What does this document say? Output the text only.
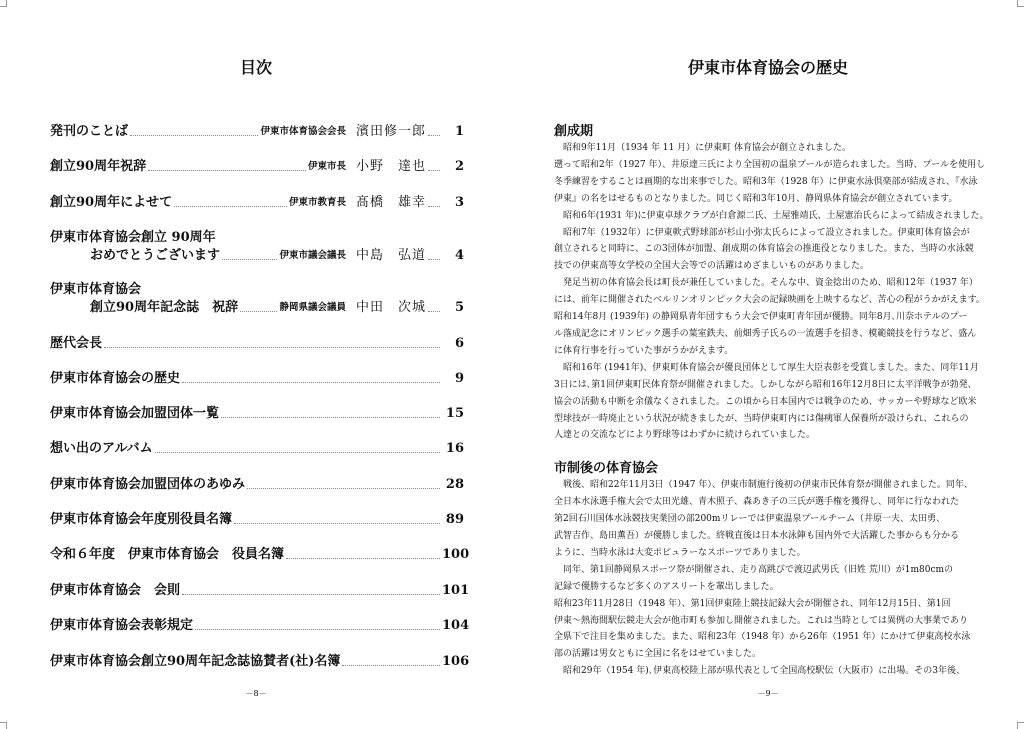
目次
発刊のことば	伊東市体育協会会長 濱田修一郎	1
創立90周年祝辞	伊東市長 小野　達也	2
創立90周年によせて	伊東市教育長 髙橋　雄幸	3
伊東市体育協会創立 90周年
おめでとうございます	伊東市議会議長 中島　弘道	4
伊東市体育協会
創立90周年記念誌　祝辞	静岡県議会議員 中田　次城	5
歴代会長	6
伊東市体育協会の歴史	9
伊東市体育協会加盟団体一覧	15
想い出のアルバム	16
伊東市体育協会加盟団体のあゆみ	28
伊東市体育協会年度別役員名簿	89
令和６年度　伊東市体育協会　役員名簿	100
伊東市体育協会　会則	101
伊東市体育協会表彰規定	104
伊東市体育協会創立90周年記念誌協賛者(社)名簿	106
－8－
伊東市体育協会の歴史
創成期

　昭和9年11月（1934 年 11 月）に伊東町 体育協会が創立されました。

遡って昭和2年（1927 年）、井原達三氏により全国初の温泉プールが造られました。当時、プールを使用し

冬季練習をすることは画期的な出来事でした。昭和3年（1928 年）に伊東水泳倶楽部が結成され、『水泳

伊東』の名をはせるものとなりました。同じく昭和3年10月、静岡県体育協会が創立されています。

　昭和6年(1931 年)に伊東卓球クラブが白倉源二氏、土屋雅靖氏、土屋憲治氏らによって結成されました。

　昭和7年（1932年）に伊東軟式野球部が杉山小弥太氏らによって設立されました。伊東町体育協会が

創立されると同時に、この3団体が加盟、創成期の体育協会の推進役となりました。また、当時の水泳競

技での伊東高等女学校の全国大会等での活躍はめざましいものがありました。

　発足当初の体育協会長は町長が兼任していました。そんな中、資金捻出のため、昭和12年（1937 年）

には、前年に開催されたベルリンオリンピック大会の記録映画を上映するなど、苦心の程がうかがえます。

昭和14年8月 (1939年) の静岡県青年団すもう大会で伊東町青年団が優勝。同年8月､川奈ホテルのプー

ル落成記念にオリンピック選手の葉室鉄夫、前畑秀子氏らの一流選手を招き、模範競技を行うなど、盛ん

に体育行事を行っていた事がうかがえます。

　昭和16年 (1941年)、伊東町体育協会が優良団体として厚生大臣表彰を受賞しました。また、同年11月

3日には､第1回伊東町民体育祭が開催されました。しかしながら昭和16年12月8日に太平洋戦争が勃発、

協会の活動も中断を余儀なくされました。この頃から日本国内では戦争のため、サッカーや野球など欧米

型球技が一時廃止という状況が続きましたが、当時伊東町内には傷痍軍人保養所が設けられ、これらの

人達との交流などにより野球等はわずかに続けられていました。

市制後の体育協会

　戦後、昭和22年11月3日（1947 年）、伊東市制施行後初の伊東市民体育祭が開催されました。同年、

全日本水泳選手権大会で太田光雄、青木照子、森あき子の三氏が選手権を獲得し、同年に行なわれた

第2回石川国体水泳競技実業団の部200mリレーでは伊東温泉プールチーム（井原一夫、太田勇、

武智吉作、島田薫吾）が優勝しました。終戦直後は日本水泳陣も国内外で大活躍した事からも分かる

ように、当時水泳は大変ポピュラーなスポーツでありました。

　同年、第1回静岡県スポーツ祭が開催され、走り高跳びで渡辺武男氏（旧姓 荒川）が1m80cmの

記録で優勝するなど多くのアスリートを輩出しました。

昭和23年11月28日（1948 年）、第1回伊東陸上競技記録大会が開催され、同年12月15日、第1回

伊東～熱海間駅伝競走大会が他市町も参加し開催されました。これは当時としては異例の大事業であり

全県下で注目を集めました。また、昭和23年（1948 年）から26年（1951 年）にかけて伊東高校水泳

部の活躍は男女ともに全国に名をはせていました。

　昭和29年（1954 年)､伊東高校陸上部が県代表として全国高校駅伝（大阪市）に出場。その3年後、

－9－
